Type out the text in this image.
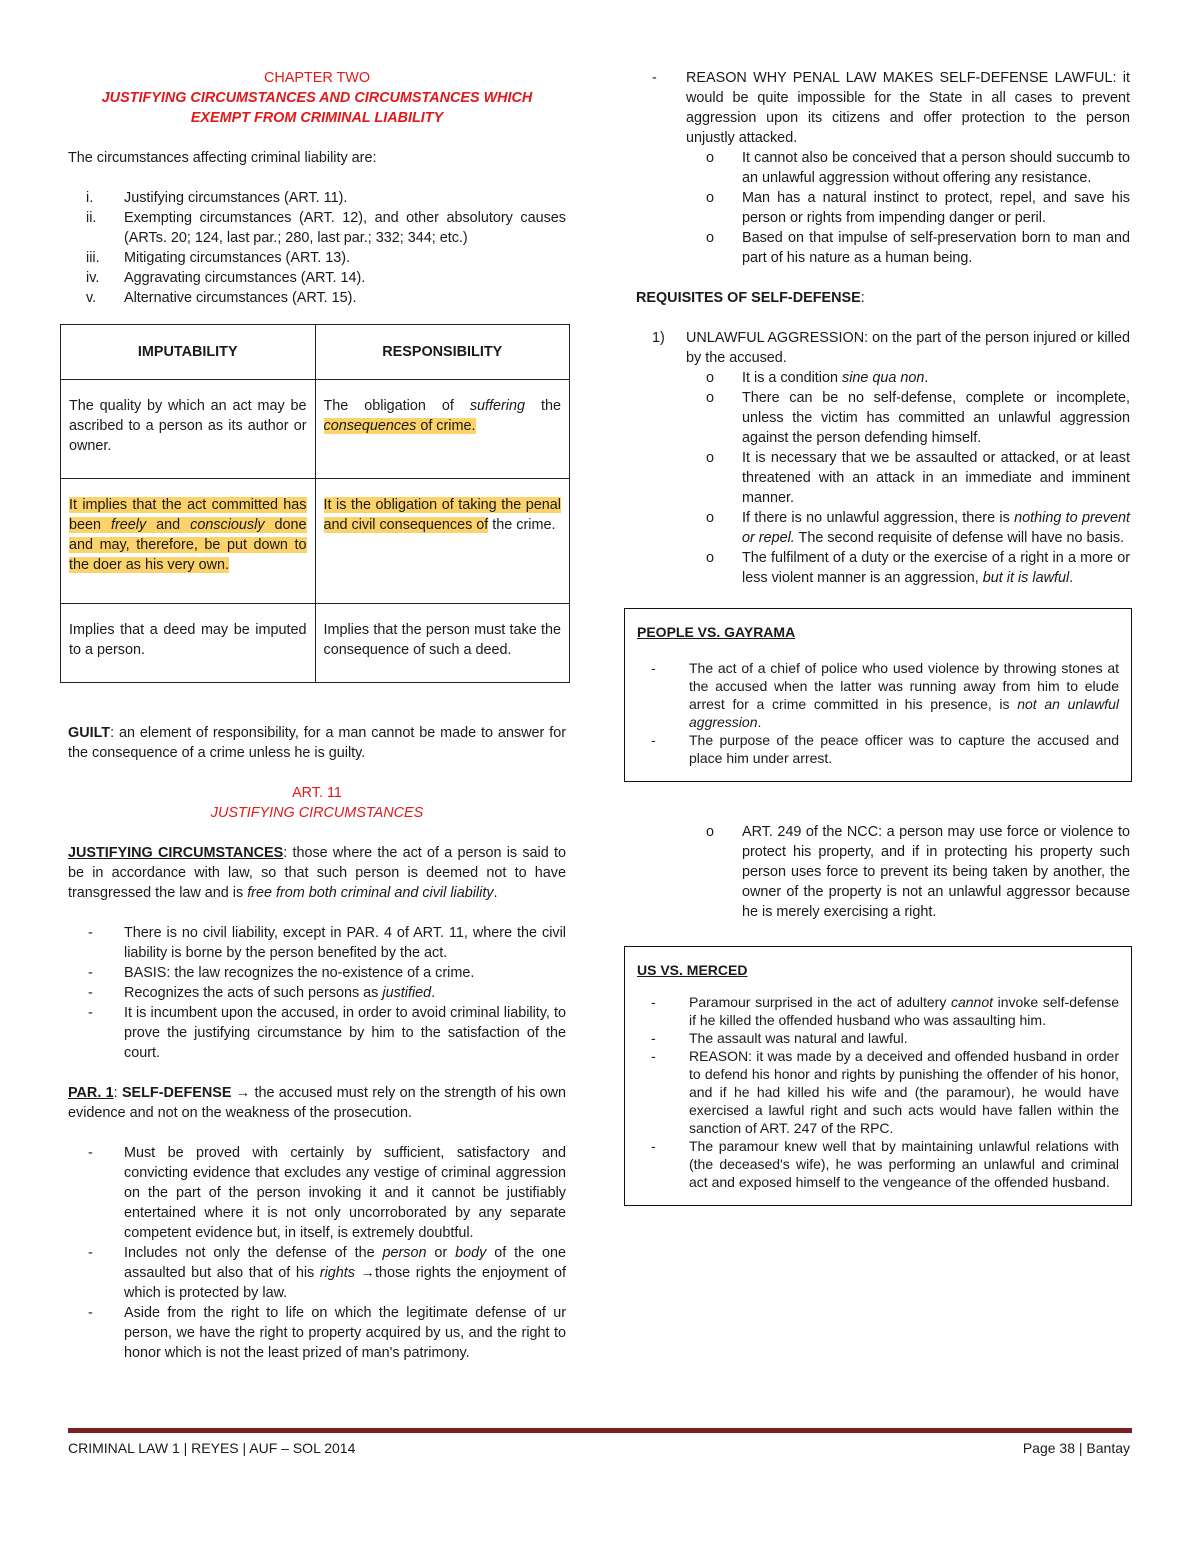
CHAPTER TWO

JUSTIFYING CIRCUMSTANCES AND CIRCUMSTANCES WHICH

EXEMPT FROM CRIMINAL LIABILITY

The circumstances affecting criminal liability are:

i. Justifying circumstances (ART. 11).
ii. Exempting circumstances (ART. 12), and other absolutory causes (ARTs. 20; 124, last par.; 280, last par.; 332; 344; etc.)
iii. Mitigating circumstances (ART. 13).
iv. Aggravating circumstances (ART. 14).
v. Alternative circumstances (ART. 15).
IMPUTABILITY	RESPONSIBILITY
The quality by which an act may be ascribed to a person as its author or owner.	The obligation of suffering the consequences of crime.
It implies that the act committed has been freely and consciously done and may, therefore, be put down to the doer as his very own.	It is the obligation of taking the penal and civil consequences of the crime.
Implies that a deed may be imputed to a person.	Implies that the person must take the consequence of such a deed.

GUILT: an element of responsibility, for a man cannot be made to answer for the consequence of a crime unless he is guilty.

ART. 11

JUSTIFYING CIRCUMSTANCES

JUSTIFYING CIRCUMSTANCES: those where the act of a person is said to be in accordance with law, so that such person is deemed not to have transgressed the law and is free from both criminal and civil liability.

- There is no civil liability, except in PAR. 4 of ART. 11, where the civil liability is borne by the person benefited by the act.
- BASIS: the law recognizes the no-existence of a crime.
- Recognizes the acts of such persons as justified.
- It is incumbent upon the accused, in order to avoid criminal liability, to prove the justifying circumstance by him to the satisfaction of the court.

PAR. 1: SELF-DEFENSE → the accused must rely on the strength of his own evidence and not on the weakness of the prosecution.

- Must be proved with certainly by sufficient, satisfactory and convicting evidence that excludes any vestige of criminal aggression on the part of the person invoking it and it cannot be justifiably entertained where it is not only uncorroborated by any separate competent evidence but, in itself, is extremely doubtful.
- Includes not only the defense of the person or body of the one assaulted but also that of his rights →those rights the enjoyment of which is protected by law.
- Aside from the right to life on which the legitimate defense of ur person, we have the right to property acquired by us, and the right to honor which is not the least prized of man's patrimony.
- REASON WHY PENAL LAW MAKES SELF-DEFENSE LAWFUL: it would be quite impossible for the State in all cases to prevent aggression upon its citizens and offer protection to the person unjustly attacked.
o It cannot also be conceived that a person should succumb to an unlawful aggression without offering any resistance.
o Man has a natural instinct to protect, repel, and save his person or rights from impending danger or peril.
o Based on that impulse of self-preservation born to man and part of his nature as a human being.

REQUISITES OF SELF-DEFENSE:

1) UNLAWFUL AGGRESSION: on the part of the person injured or killed by the accused.
o It is a condition sine qua non.
o There can be no self-defense, complete or incomplete, unless the victim has committed an unlawful aggression against the person defending himself.
o It is necessary that we be assaulted or attacked, or at least threatened with an attack in an immediate and imminent manner.
o If there is no unlawful aggression, there is nothing to prevent or repel. The second requisite of defense will have no basis.
o The fulfilment of a duty or the exercise of a right in a more or less violent manner is an aggression, but it is lawful.

PEOPLE VS. GAYRAMA

- The act of a chief of police who used violence by throwing stones at the accused when the latter was running away from him to elude arrest for a crime committed in his presence, is not an unlawful aggression.
- The purpose of the peace officer was to capture the accused and place him under arrest.
o ART. 249 of the NCC: a person may use force or violence to protect his property, and if in protecting his property such person uses force to prevent its being taken by another, the owner of the property is not an unlawful aggressor because he is merely exercising a right.

US VS. MERCED

- Paramour surprised in the act of adultery cannot invoke self-defense if he killed the offended husband who was assaulting him.
- The assault was natural and lawful.
- REASON: it was made by a deceived and offended husband in order to defend his honor and rights by punishing the offender of his honor, and if he had killed his wife and (the paramour), he would have exercised a lawful right and such acts would have fallen within the sanction of ART. 247 of the RPC.
- The paramour knew well that by maintaining unlawful relations with (the deceased's wife), he was performing an unlawful and criminal act and exposed himself to the vengeance of the offended husband.
CRIMINAL LAW 1 | REYES | AUF – SOL 2014	Page 38 | Bantay
